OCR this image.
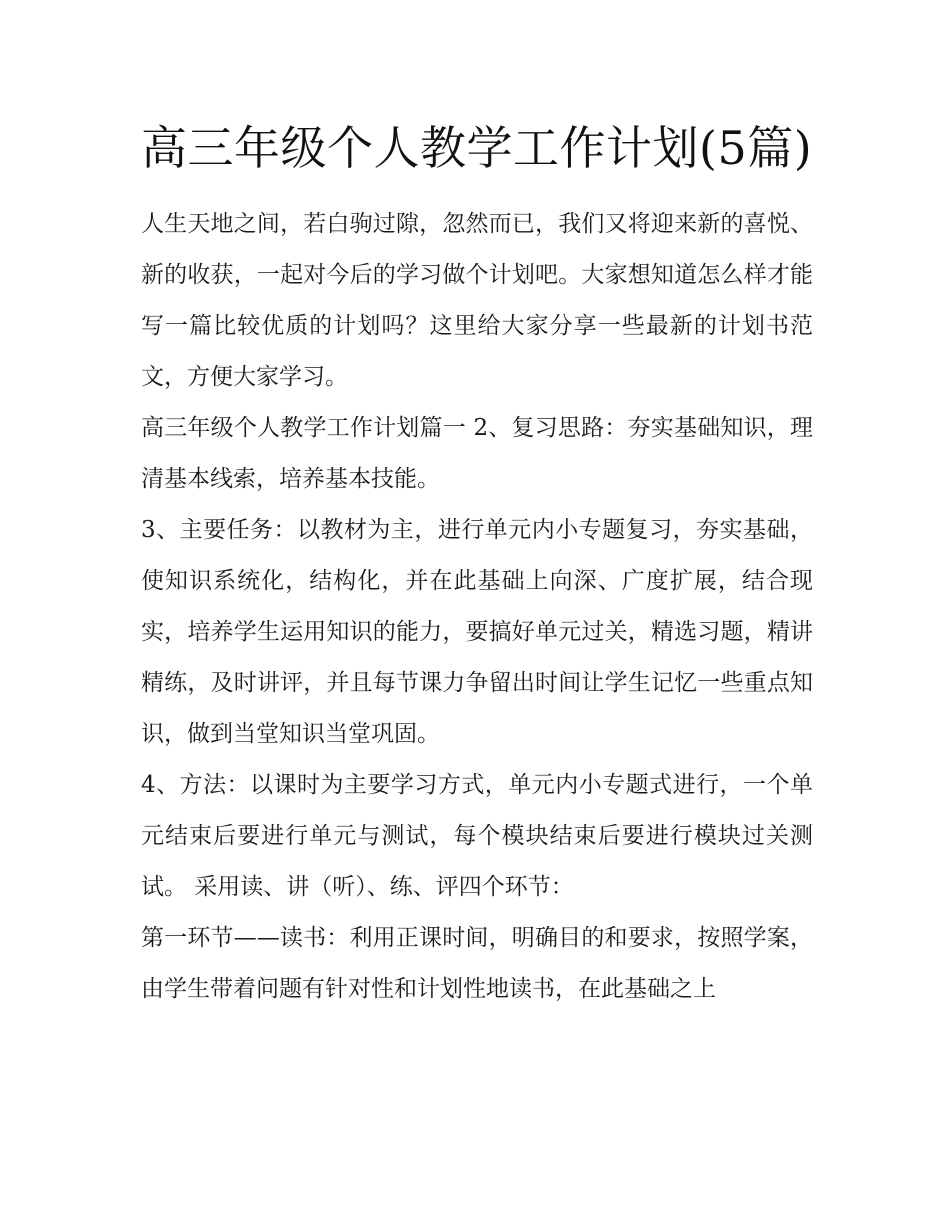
高三年级个人教学工作计划(5篇)

人生天地之间，若白驹过隙，忽然而已，我们又将迎来新的喜悦、新的收获，一起对今后的学习做个计划吧。大家想知道怎么样才能写一篇比较优质的计划吗？这里给大家分享一些最新的计划书范文，方便大家学习。

高三年级个人教学工作计划篇一 2、复习思路：夯实基础知识，理清基本线索，培养基本技能。

3、主要任务：以教材为主，进行单元内小专题复习，夯实基础，使知识系统化，结构化，并在此基础上向深、广度扩展，结合现实，培养学生运用知识的能力，要搞好单元过关，精选习题，精讲精练，及时讲评，并且每节课力争留出时间让学生记忆一些重点知识，做到当堂知识当堂巩固。

4、方法：以课时为主要学习方式，单元内小专题式进行，一个单元结束后要进行单元与测试，每个模块结束后要进行模块过关测试。 采用读、讲（听）、练、评四个环节：

第一环节——读书：利用正课时间，明确目的和要求，按照学案，由学生带着问题有针对性和计划性地读书，在此基础之上
